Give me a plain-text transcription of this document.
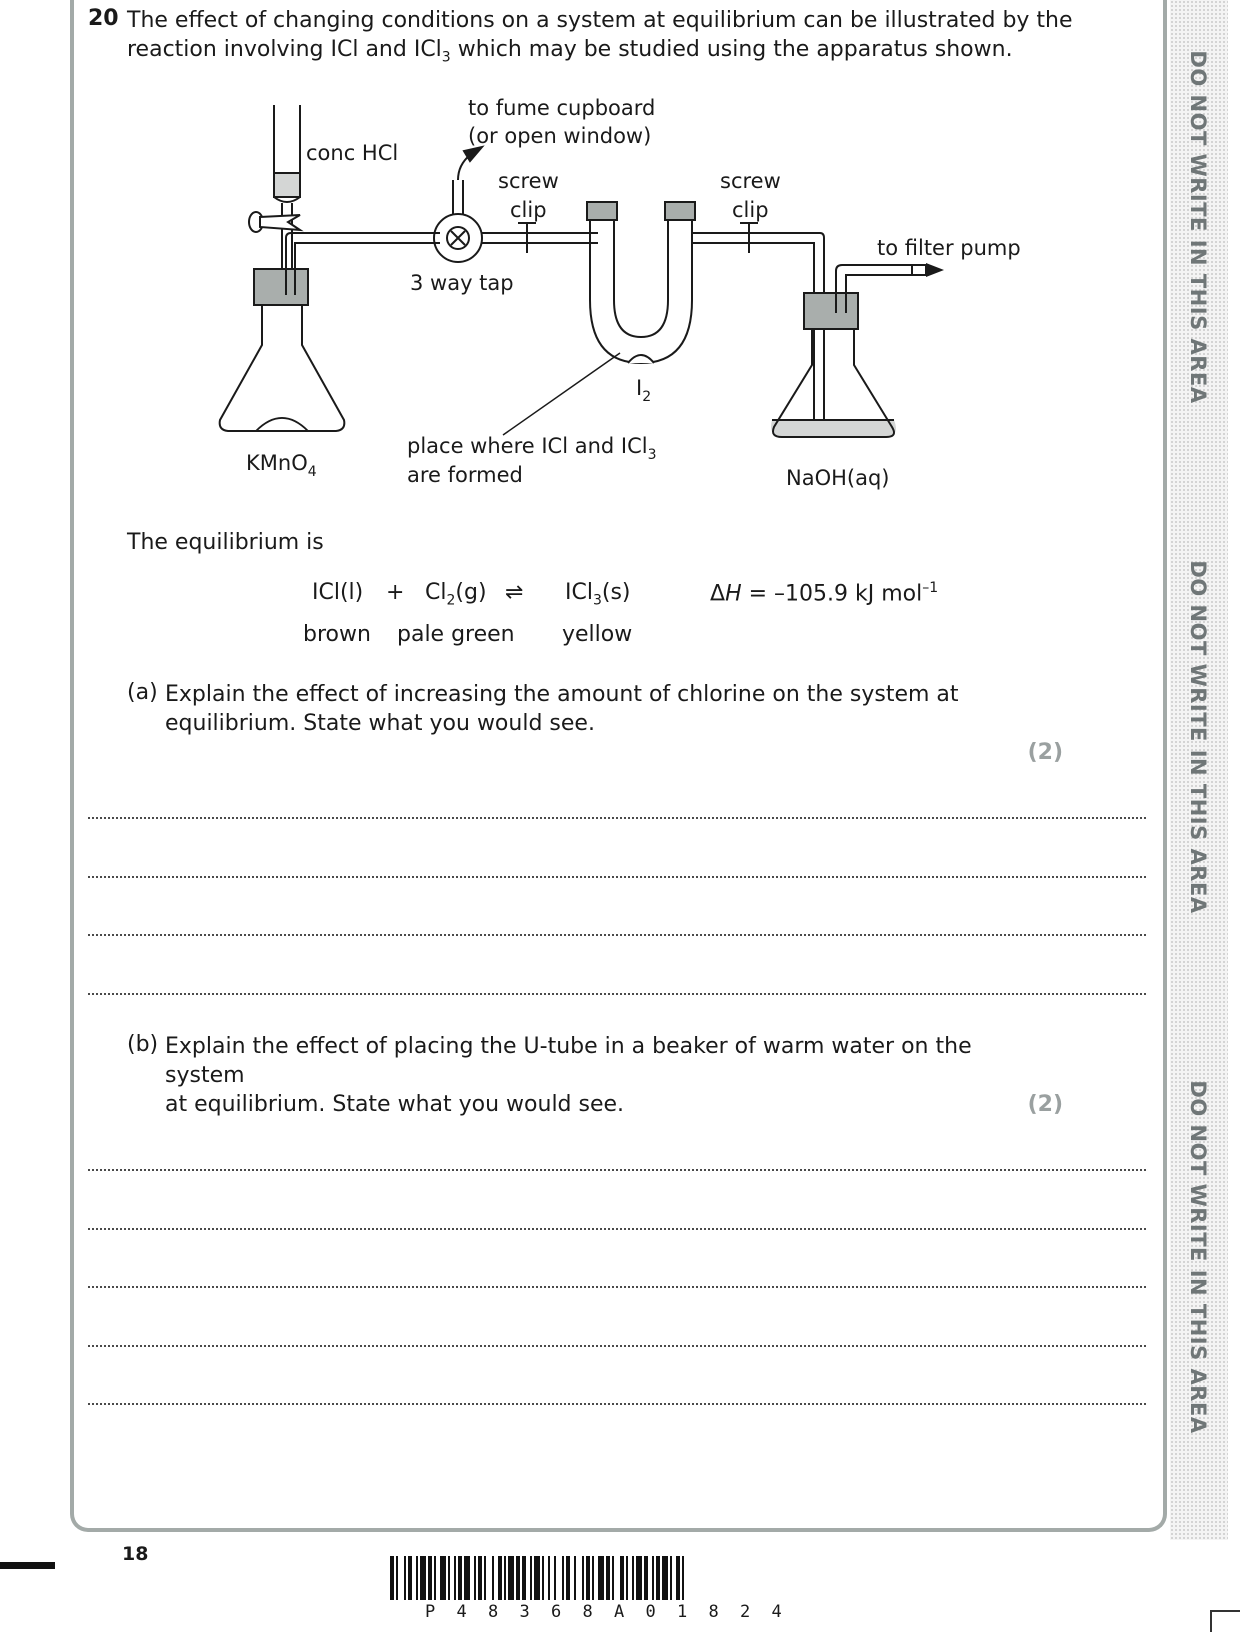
20 The effect of changing conditions on a system at equilibrium can be illustrated by the
reaction involving ICl and ICl$_3$ which may be studied using the apparatus shown.
conc HCl
to fume cupboard
(or open window)
screw
clip
screw
clip
3 way tap
to filter pump
$I_2$
place where ICl and ICl$_3$
are formed
KMnO$_4$	NaOH(aq)
The equilibrium is
$ICl(l) + Cl_2(g)$ ⇌ ICl$_3$(s)	ΔH = –105.9 kJ mol$^{-1}$
brown pale green yellow
(a) Explain the effect of increasing the amount of chlorine on the system at
equilibrium. State what you would see.
(2)
(b) Explain the effect of placing the U-tube in a beaker of warm water on the system
at equilibrium. State what you would see.	(2)
DO NOT WRITE IN THIS AREA
DO NOT WRITE IN THIS AREA
DO NOT WRITE IN THIS AREA
18
P 4 8 3 6 8 A 0 1 8 2 4
